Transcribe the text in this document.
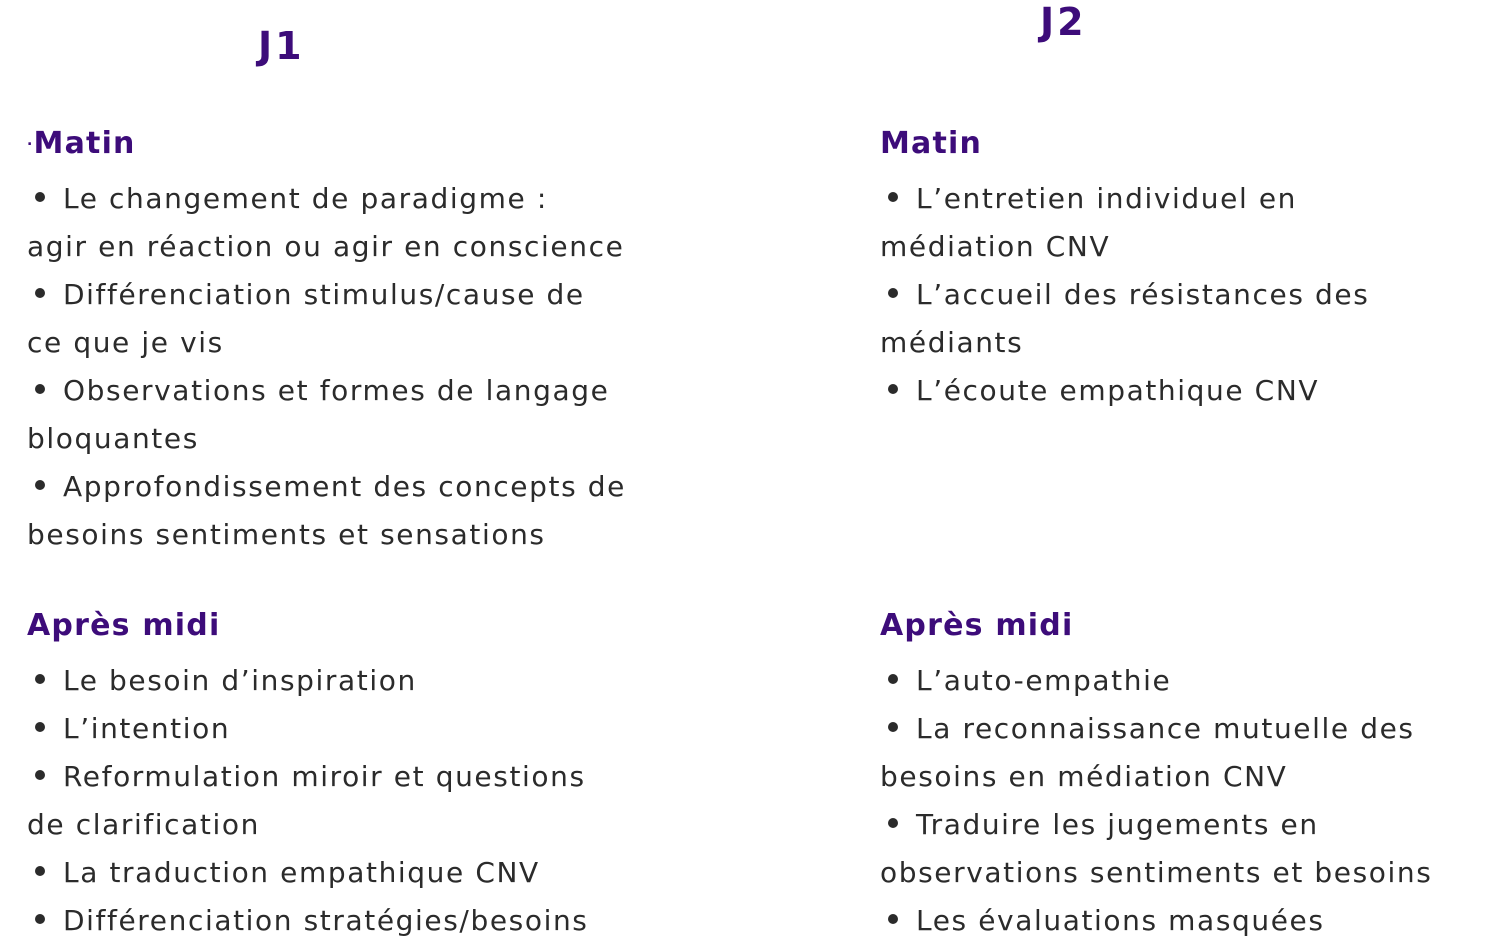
J1
J2
·Matin
Le changement de paradigme :
agir en réaction ou agir en conscience
Différenciation stimulus/cause de
ce que je vis
Observations et formes de langage
bloquantes
Approfondissement des concepts de
besoins sentiments et sensations
Matin
L’entretien individuel en
médiation CNV
L’accueil des résistances des
médiants
L’écoute empathique CNV
Après midi
Le besoin d’inspiration
L’intention
Reformulation miroir et questions
de clarification
La traduction empathique CNV
Différenciation stratégies/besoins
Après midi
L’auto-empathie
La reconnaissance mutuelle des
besoins en médiation CNV
Traduire les jugements en
observations sentiments et besoins
Les évaluations masquées
